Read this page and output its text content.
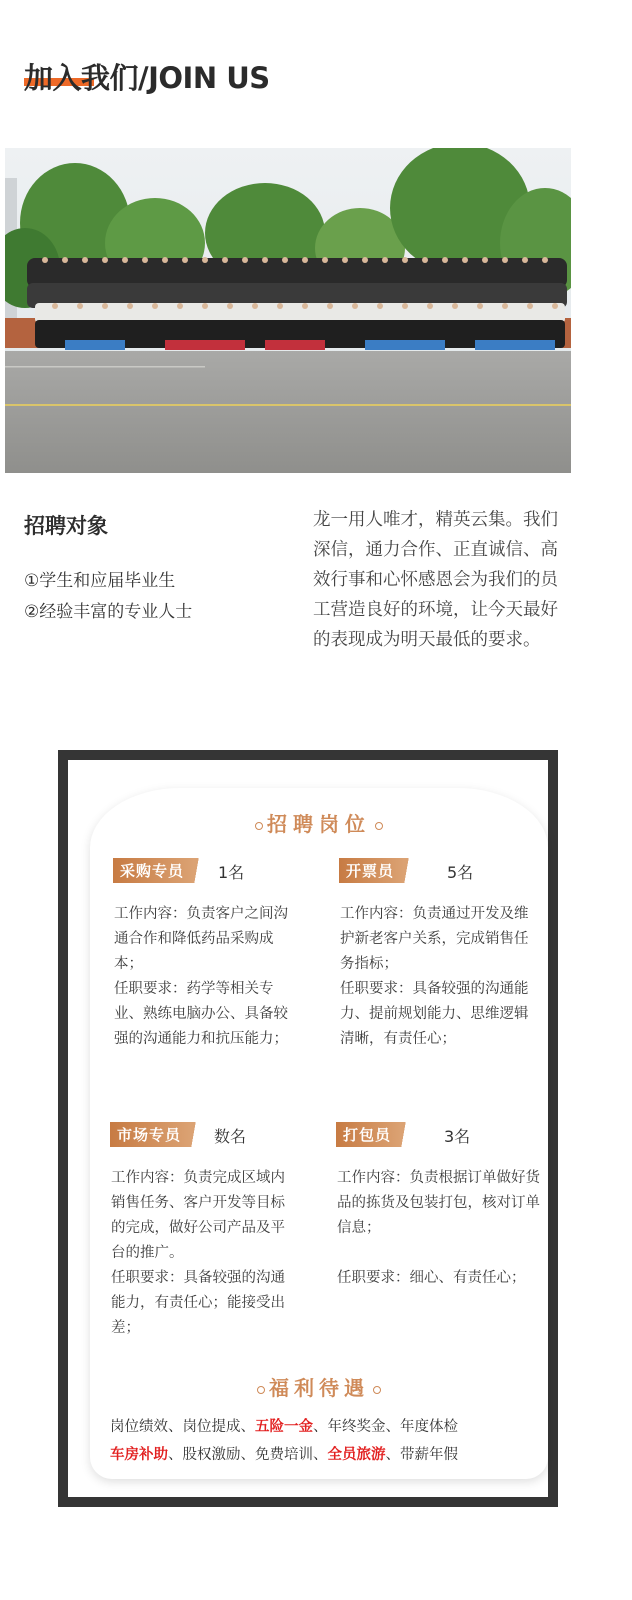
加入我们/JOIN US
招聘对象
①学生和应届毕业生
②经验丰富的专业人士

龙一用人唯才，精英云集。我们深信，通力合作、正直诚信、高效行事和心怀感恩会为我们的员工营造良好的环境，让今天最好的表现成为明天最低的要求。

招聘岗位
采购专员 1名
工作内容：负责客户之间沟通合作和降低药品采购成本；
任职要求：药学等相关专业、熟练电脑办公、具备较强的沟通能力和抗压能力；
开票员	5名
工作内容：负责通过开发及维护新老客户关系，完成销售任务指标；
任职要求：具备较强的沟通能力、提前规划能力、思维逻辑清晰，有责任心；
市场专员 数名
工作内容：负责完成区域内销售任务、客户开发等目标的完成，做好公司产品及平台的推广。
任职要求：具备较强的沟通能力，有责任心；能接受出差；
打包员	3名
工作内容：负责根据订单做好货品的拣货及包装打包，核对订单信息；
任职要求：细心、有责任心；
福利待遇
岗位绩效、岗位提成、五险一金、年终奖金、年度体检
车房补助、股权激励、免费培训、全员旅游、带薪年假
